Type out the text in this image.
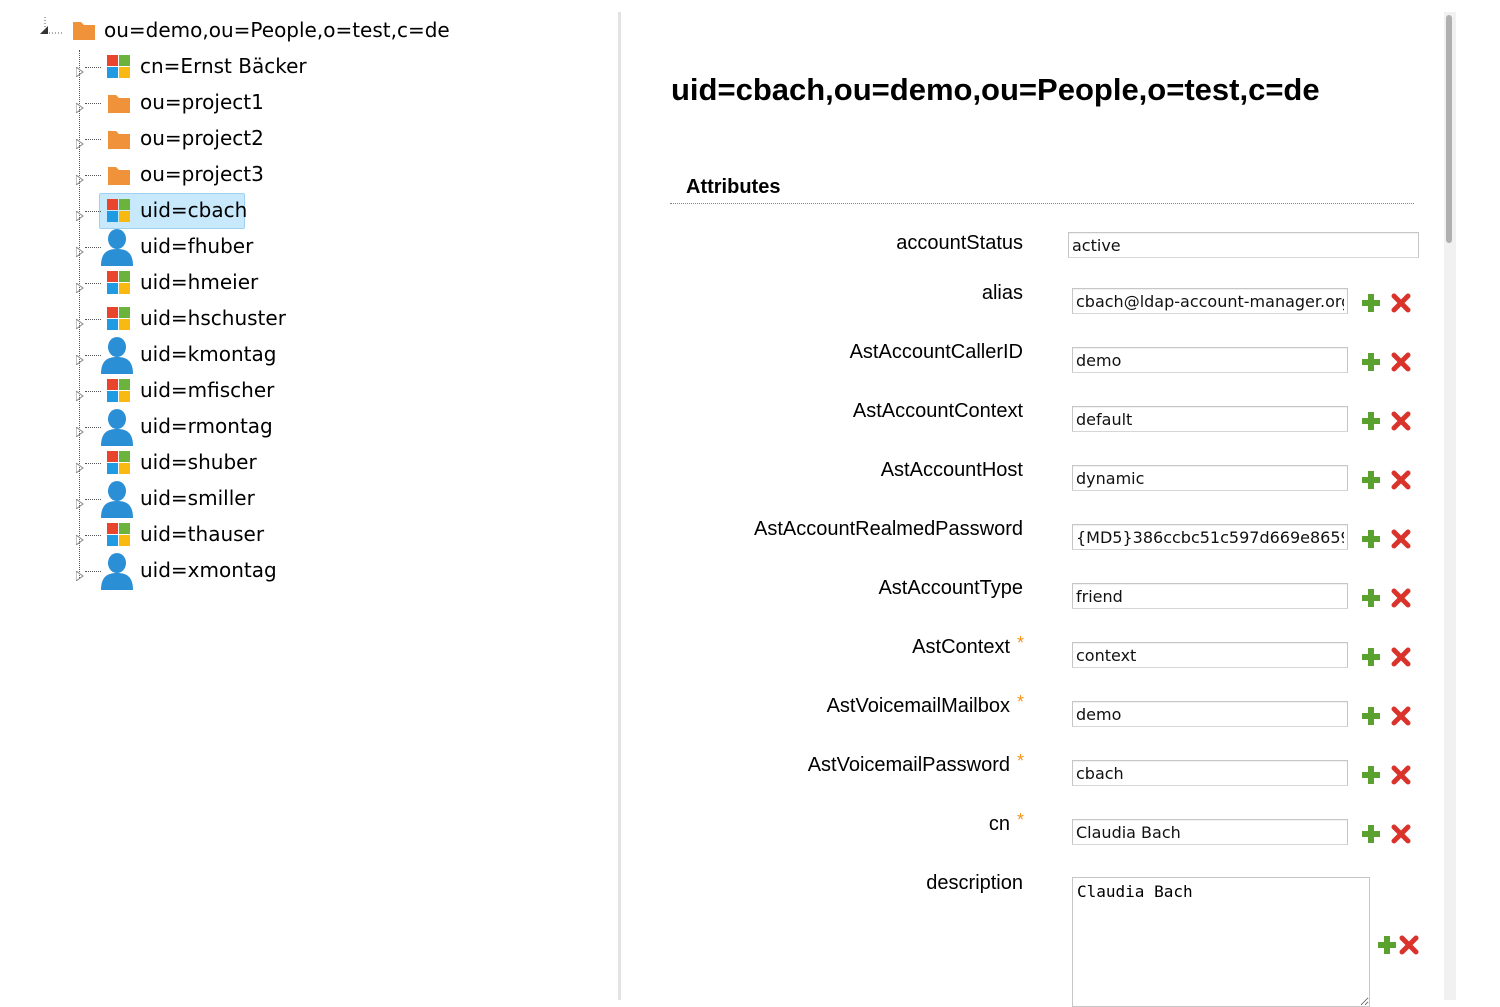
ou=demo,ou=People,o=test,c=de
cn=Ernst Bäcker
ou=project1
ou=project2
ou=project3
uid=cbach
uid=fhuber
uid=hmeier
uid=hschuster
uid=kmontag
uid=mfischer
uid=rmontag
uid=shuber
uid=smiller
uid=thauser
uid=xmontag
uid=cbach,ou=demo,ou=People,o=test,c=de
Attributes
accountStatus
active
alias
cbach@ldap-account-manager.org
AstAccountCallerID
demo
AstAccountContext
default
AstAccountHost
dynamic
AstAccountRealmedPassword
{MD5}386ccbc51c597d669e8659c6
AstAccountType
friend
AstContext *
context
AstVoicemailMailbox *
demo
AstVoicemailPassword *
cbach
cn *
Claudia Bach
description
Claudia Bach
